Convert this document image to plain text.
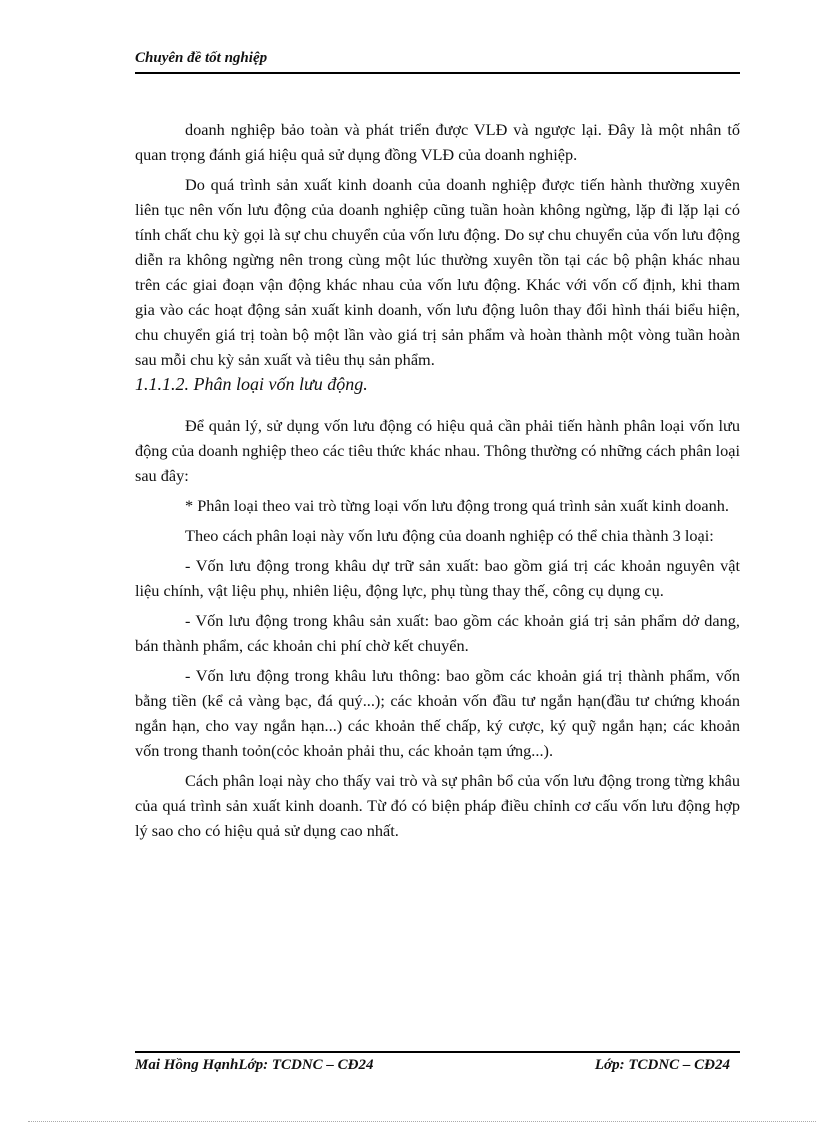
Chuyên đề tốt nghiệp

doanh nghiệp bảo toàn và phát triển được VLĐ và ngược lại. Đây là một nhân tố quan trọng đánh giá hiệu quả sử dụng đồng VLĐ của doanh nghiệp.

Do quá trình sản xuất kinh doanh của doanh nghiệp được tiến hành thường xuyên liên tục nên vốn lưu động của doanh nghiệp cũng tuần hoàn không ngừng, lặp đi lặp lại có tính chất chu kỳ gọi là sự chu chuyển của vốn lưu động. Do sự chu chuyển của vốn lưu động diễn ra không ngừng nên trong cùng một lúc thường xuyên tồn tại các bộ phận khác nhau trên các giai đoạn vận động khác nhau của vốn lưu động. Khác với vốn cố định, khi tham gia vào các hoạt động sản xuất kinh doanh, vốn lưu động luôn thay đổi hình thái biểu hiện, chu chuyển giá trị toàn bộ một lần vào giá trị sản phẩm và hoàn thành một vòng tuần hoàn sau mỗi chu kỳ sản xuất và tiêu thụ sản phẩm.

1.1.1.2. Phân loại vốn lưu động.

Để quản lý, sử dụng vốn lưu động có hiệu quả cần phải tiến hành phân loại vốn lưu động của doanh nghiệp theo các tiêu thức khác nhau. Thông thường có những cách phân loại sau đây:

* Phân loại theo vai trò từng loại vốn lưu động trong quá trình sản xuất kinh doanh.

Theo cách phân loại này vốn lưu động của doanh nghiệp có thể chia thành 3 loại:

- Vốn lưu động trong khâu dự trữ sản xuất: bao gồm giá trị các khoản nguyên vật liệu chính, vật liệu phụ, nhiên liệu, động lực, phụ tùng thay thế, công cụ dụng cụ.

- Vốn lưu động trong khâu sản xuất: bao gồm các khoản giá trị sản phẩm dở dang, bán thành phẩm, các khoản chi phí chờ kết chuyển.

- Vốn lưu động trong khâu lưu thông: bao gồm các khoản giá trị thành phẩm, vốn bằng tiền (kể cả vàng bạc, đá quý...); các khoản vốn đầu tư ngắn hạn(đầu tư chứng khoán ngắn hạn, cho vay ngắn hạn...) các khoản thế chấp, ký cược, ký quỹ ngắn hạn; các khoản vốn trong thanh toỏn(cỏc khoản phải thu, các khoản tạm ứng...).

Cách phân loại này cho thấy vai trò và sự phân bổ của vốn lưu động trong từng khâu của quá trình sản xuất kinh doanh. Từ đó có biện pháp điều chỉnh cơ cấu vốn lưu động hợp lý sao cho có hiệu quả sử dụng cao nhất.

Mai Hồng HạnhLớp: TCDNC – CĐ24	Lớp: TCDNC – CĐ24
